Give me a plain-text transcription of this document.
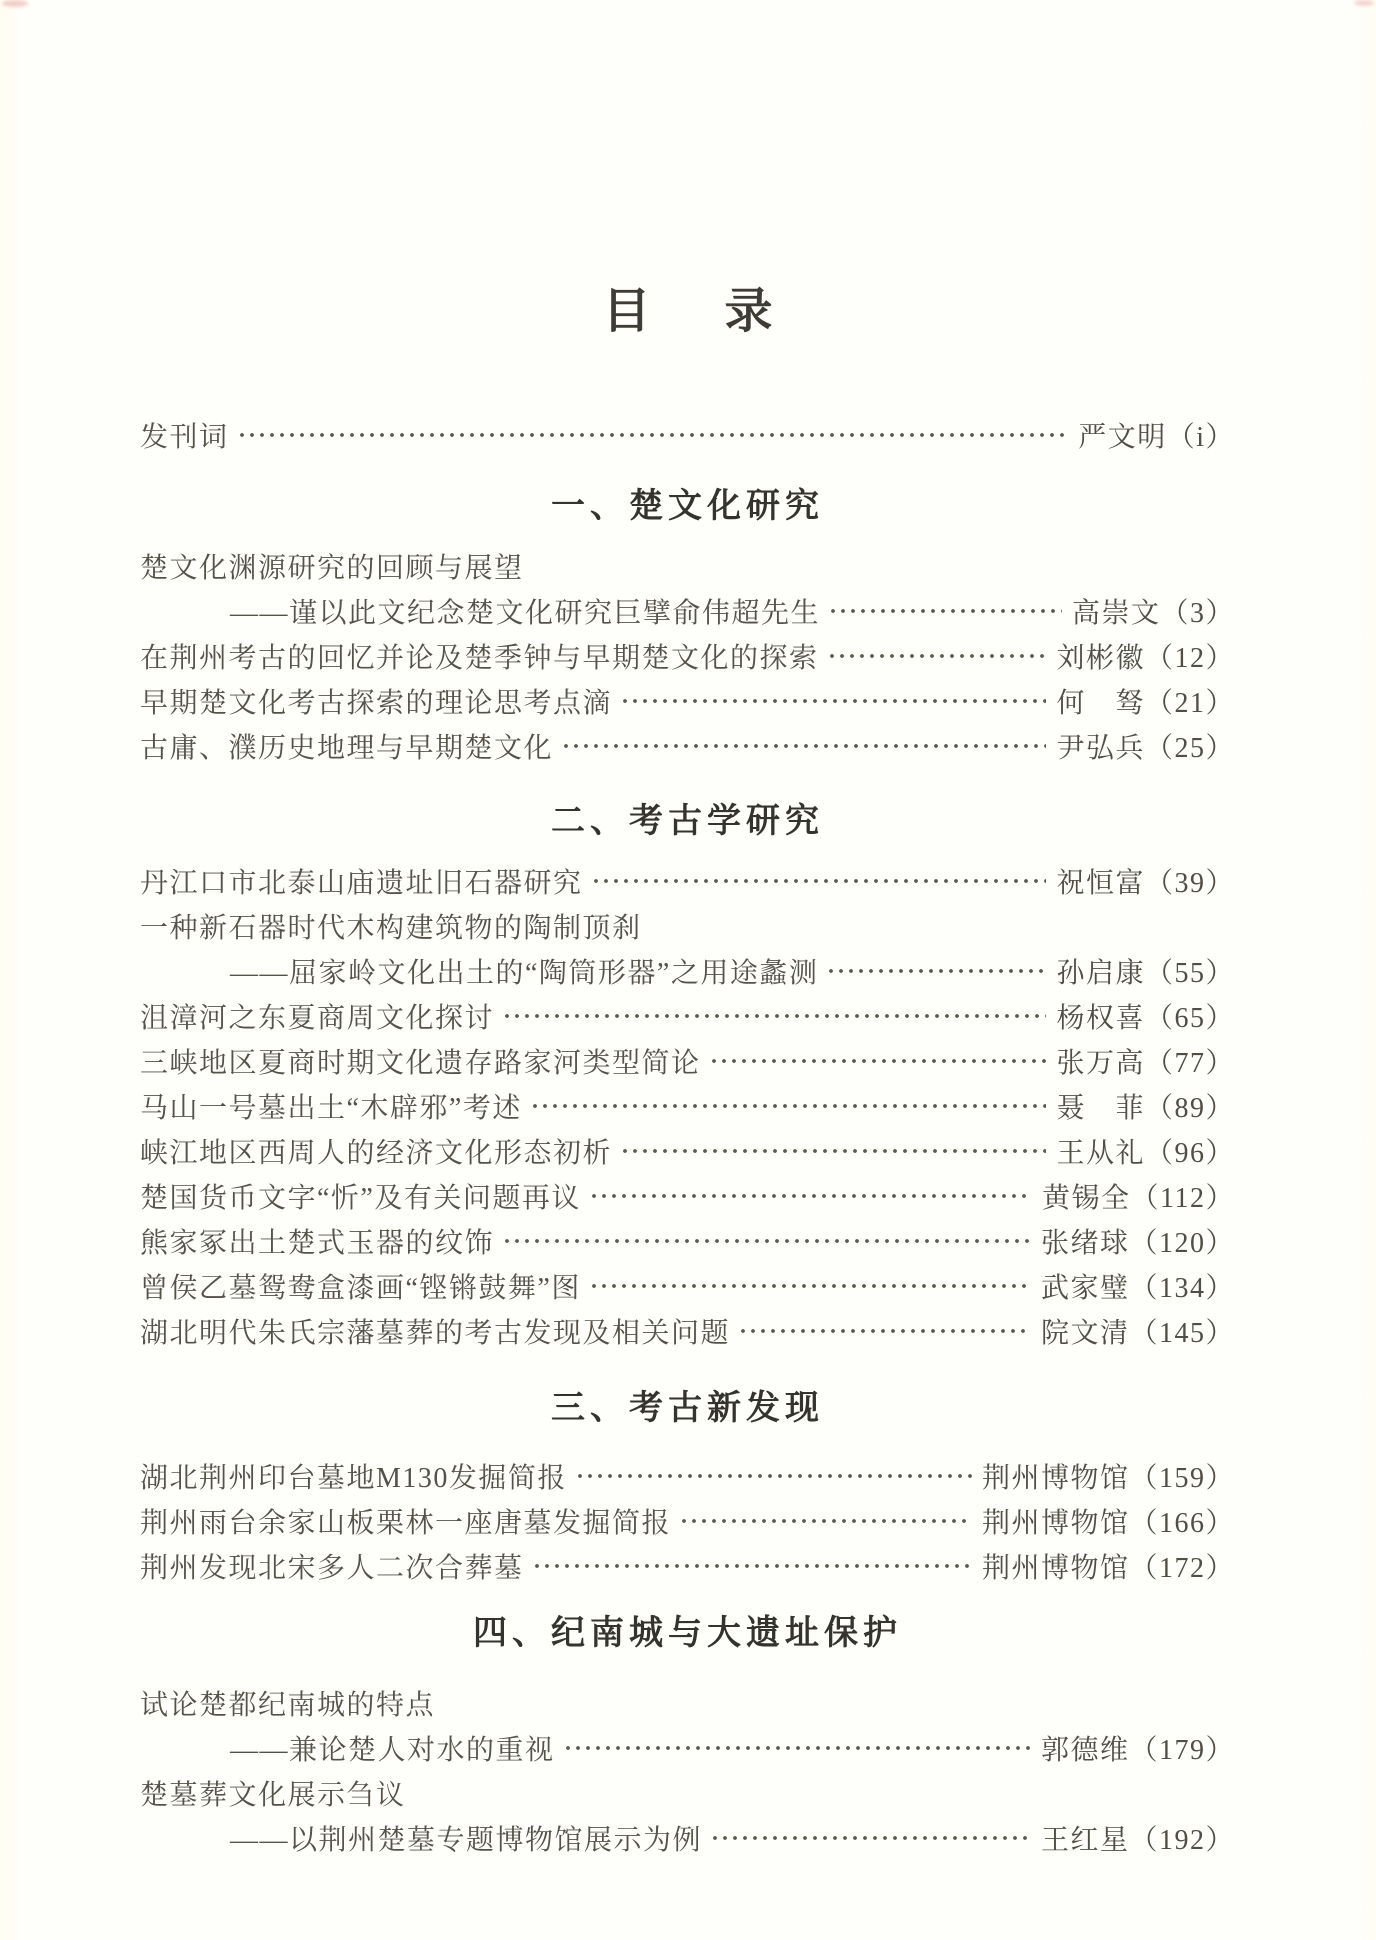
目 录
发刊词	严文明 （i）
一、楚文化研究
楚文化渊源研究的回顾与展望
——谨以此文纪念楚文化研究巨擘俞伟超先生	高崇文 （3）
在荆州考古的回忆并论及楚季钟与早期楚文化的探索	刘彬徽 （12）
早期楚文化考古探索的理论思考点滴	何　驽 （21）
古庸、濮历史地理与早期楚文化	尹弘兵 （25）
二、考古学研究
丹江口市北泰山庙遗址旧石器研究	祝恒富 （39）
一种新石器时代木构建筑物的陶制顶刹
——屈家岭文化出土的“陶筒形器”之用途蠡测	孙启康 （55）
沮漳河之东夏商周文化探讨	杨权喜 （65）
三峡地区夏商时期文化遗存路家河类型简论	张万高 （77）
马山一号墓出土“木辟邪”考述	聂　菲 （89）
峡江地区西周人的经济文化形态初析	王从礼 （96）
楚国货币文字“忻”及有关问题再议	黄锡全 （112）
熊家冢出土楚式玉器的纹饰	张绪球 （120）
曾侯乙墓鸳鸯盒漆画“铿锵鼓舞”图	武家璧 （134）
湖北明代朱氏宗藩墓葬的考古发现及相关问题	院文清 （145）
三、考古新发现
湖北荆州印台墓地M130发掘简报	荆州博物馆 （159）
荆州雨台余家山板栗林一座唐墓发掘简报	荆州博物馆 （166）
荆州发现北宋多人二次合葬墓	荆州博物馆 （172）
四、纪南城与大遗址保护
试论楚都纪南城的特点
——兼论楚人对水的重视	郭德维 （179）
楚墓葬文化展示刍议
——以荆州楚墓专题博物馆展示为例	王红星 （192）
